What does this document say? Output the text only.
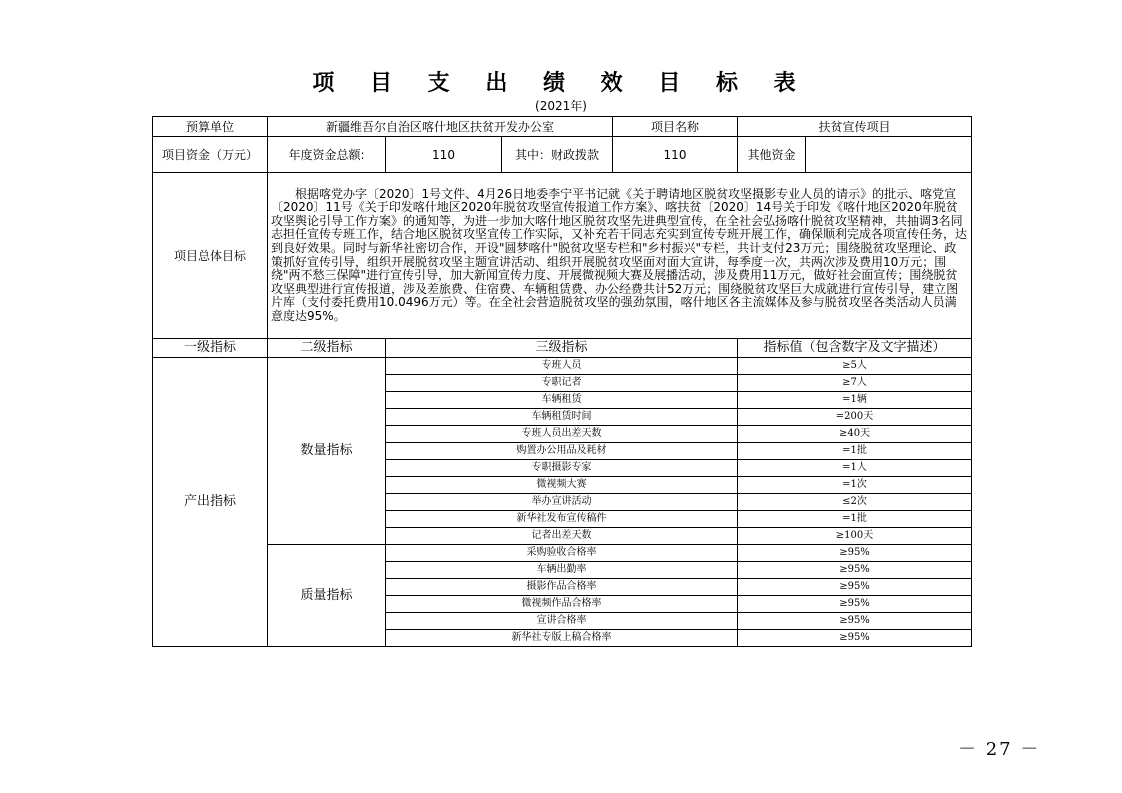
项 目 支 出 绩 效 目 标 表
(2021年)
预算单位	新疆维吾尔自治区喀什地区扶贫开发办公室			项目名称	扶贫宣传项目	
项目资金（万元）	年度资金总额:	110	其中：财政拨款	110	其他资金	
项目总体目标	根据喀党办字〔2020〕1号文件、4月26日地委李宁平书记就《关于聘请地区脱贫攻坚摄影专业人员的请示》的批示、喀党宣〔2020〕11号《关于印发喀什地区2020年脱贫攻坚宣传报道工作方案》、喀扶贫〔2020〕14号关于印发《喀什地区2020年脱贫攻坚舆论引导工作方案》的通知等，为进一步加大喀什地区脱贫攻坚先进典型宣传，在全社会弘扬喀什脱贫攻坚精神，共抽调3名同志担任宣传专班工作，结合地区脱贫攻坚宣传工作实际，又补充若干同志充实到宣传专班开展工作，确保顺利完成各项宣传任务，达到良好效果。同时与新华社密切合作，开设"圆梦喀什"脱贫攻坚专栏和"乡村振兴"专栏，共计支付23万元；围绕脱贫攻坚理论、政策抓好宣传引导，组织开展脱贫攻坚主题宣讲活动、组织开展脱贫攻坚面对面大宣讲，每季度一次，共两次涉及费用10万元；围绕"两不愁三保障"进行宣传引导，加大新闻宣传力度、开展微视频大赛及展播活动，涉及费用11万元，做好社会面宣传；围绕脱贫攻坚典型进行宣传报道，涉及差旅费、住宿费、车辆租赁费、办公经费共计52万元；围绕脱贫攻坚巨大成就进行宣传引导，建立图片库（支付委托费用10.0496万元）等。在全社会营造脱贫攻坚的强劲氛围，喀什地区各主流媒体及参与脱贫攻坚各类活动人员满意度达95%。					
一级指标	二级指标	三级指标			指标值（包含数字及文字描述）	
产出指标	数量指标	专班人员			≥5人	
		专职记者			≥7人	
		车辆租赁			=1辆	
		车辆租赁时间			=200天	
		专班人员出差天数			≥40天	
		购置办公用品及耗材			=1批	
		专职摄影专家			=1人	
		微视频大赛			=1次	
		举办宣讲活动			≤2次	
		新华社发布宣传稿件			=1批	
		记者出差天数			≥100天	
	质量指标	采购验收合格率			≥95%	
		车辆出勤率			≥95%	
		摄影作品合格率			≥95%	
		微视频作品合格率			≥95%	
		宣讲合格率			≥95%	
		新华社专版上稿合格率			≥95%	
－ 27 －
